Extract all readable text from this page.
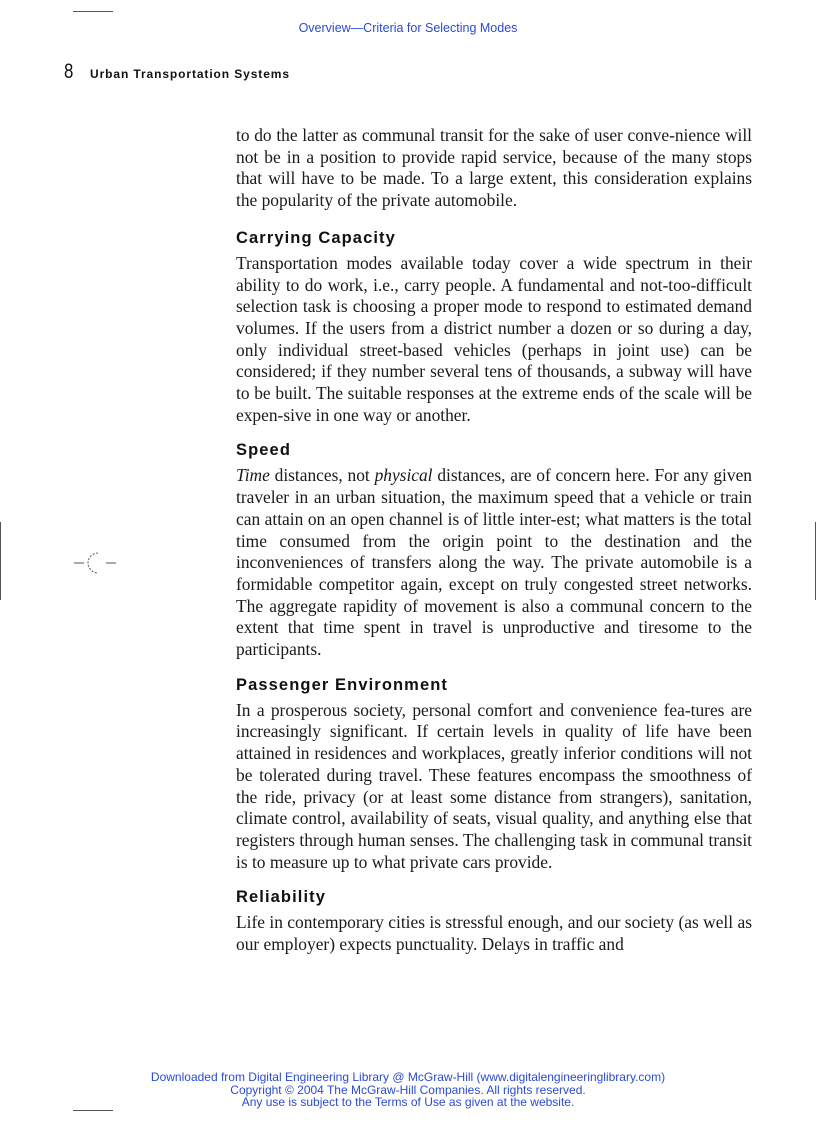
Overview—Criteria for Selecting Modes
8 Urban Transportation Systems

to do the latter as communal transit for the sake of user conve-nience will not be in a position to provide rapid service, because of the many stops that will have to be made. To a large extent, this consideration explains the popularity of the private automobile.

Carrying Capacity

Transportation modes available today cover a wide spectrum in their ability to do work, i.e., carry people. A fundamental and not-too-difficult selection task is choosing a proper mode to respond to estimated demand volumes. If the users from a district number a dozen or so during a day, only individual street-based vehicles (perhaps in joint use) can be considered; if they number several tens of thousands, a subway will have to be built. The suitable responses at the extreme ends of the scale will be expen-sive in one way or another.

Speed

Time distances, not physical distances, are of concern here. For any given traveler in an urban situation, the maximum speed that a vehicle or train can attain on an open channel is of little inter-est; what matters is the total time consumed from the origin point to the destination and the inconveniences of transfers along the way. The private automobile is a formidable competitor again, except on truly congested street networks. The aggregate rapidity of movement is also a communal concern to the extent that time spent in travel is unproductive and tiresome to the participants.

Passenger Environment

In a prosperous society, personal comfort and convenience fea-tures are increasingly significant. If certain levels in quality of life have been attained in residences and workplaces, greatly inferior conditions will not be tolerated during travel. These features encompass the smoothness of the ride, privacy (or at least some distance from strangers), sanitation, climate control, availability of seats, visual quality, and anything else that registers through human senses. The challenging task in communal transit is to measure up to what private cars provide.

Reliability

Life in contemporary cities is stressful enough, and our society (as well as our employer) expects punctuality. Delays in traffic and

Downloaded from Digital Engineering Library @ McGraw-Hill (www.digitalengineeringlibrary.com)
Copyright © 2004 The McGraw-Hill Companies. All rights reserved.
Any use is subject to the Terms of Use as given at the website.
